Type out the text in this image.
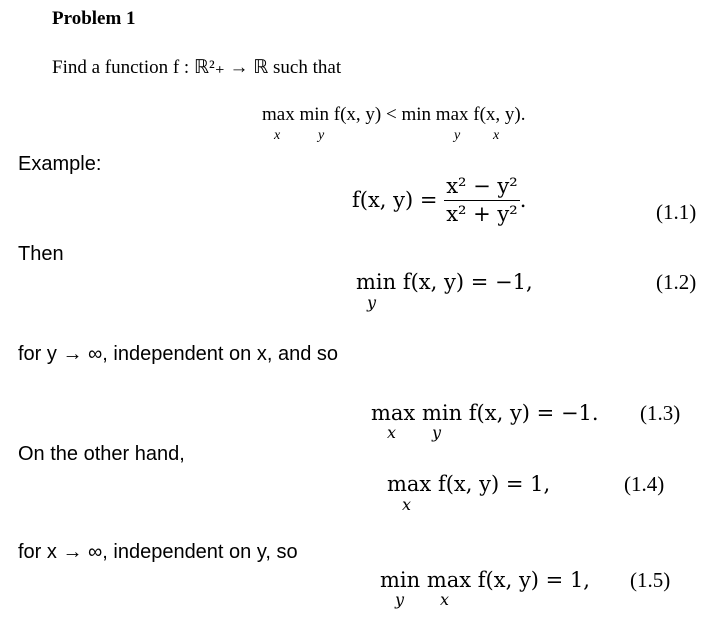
Problem 1
Find a function f : ℝ²₊ → ℝ such that
max min f(x, y) < min max f(x, y).
x	y	y x
Example:
f(x, $y) = \frac{\text{x² − y²}}{\text{x² + y²}}$ .	(1.1)
Then
min f(x, y) = −1,
y
(1.2)
for y → ∞, independent on x, and so
max min f(x, y) = −1.
x y
(1.3)
On the other hand,
max f(x, y) = 1,
x
(1.4)
for x → ∞, independent on y, so
min max f(x, y) = 1,
y x
(1.5)
